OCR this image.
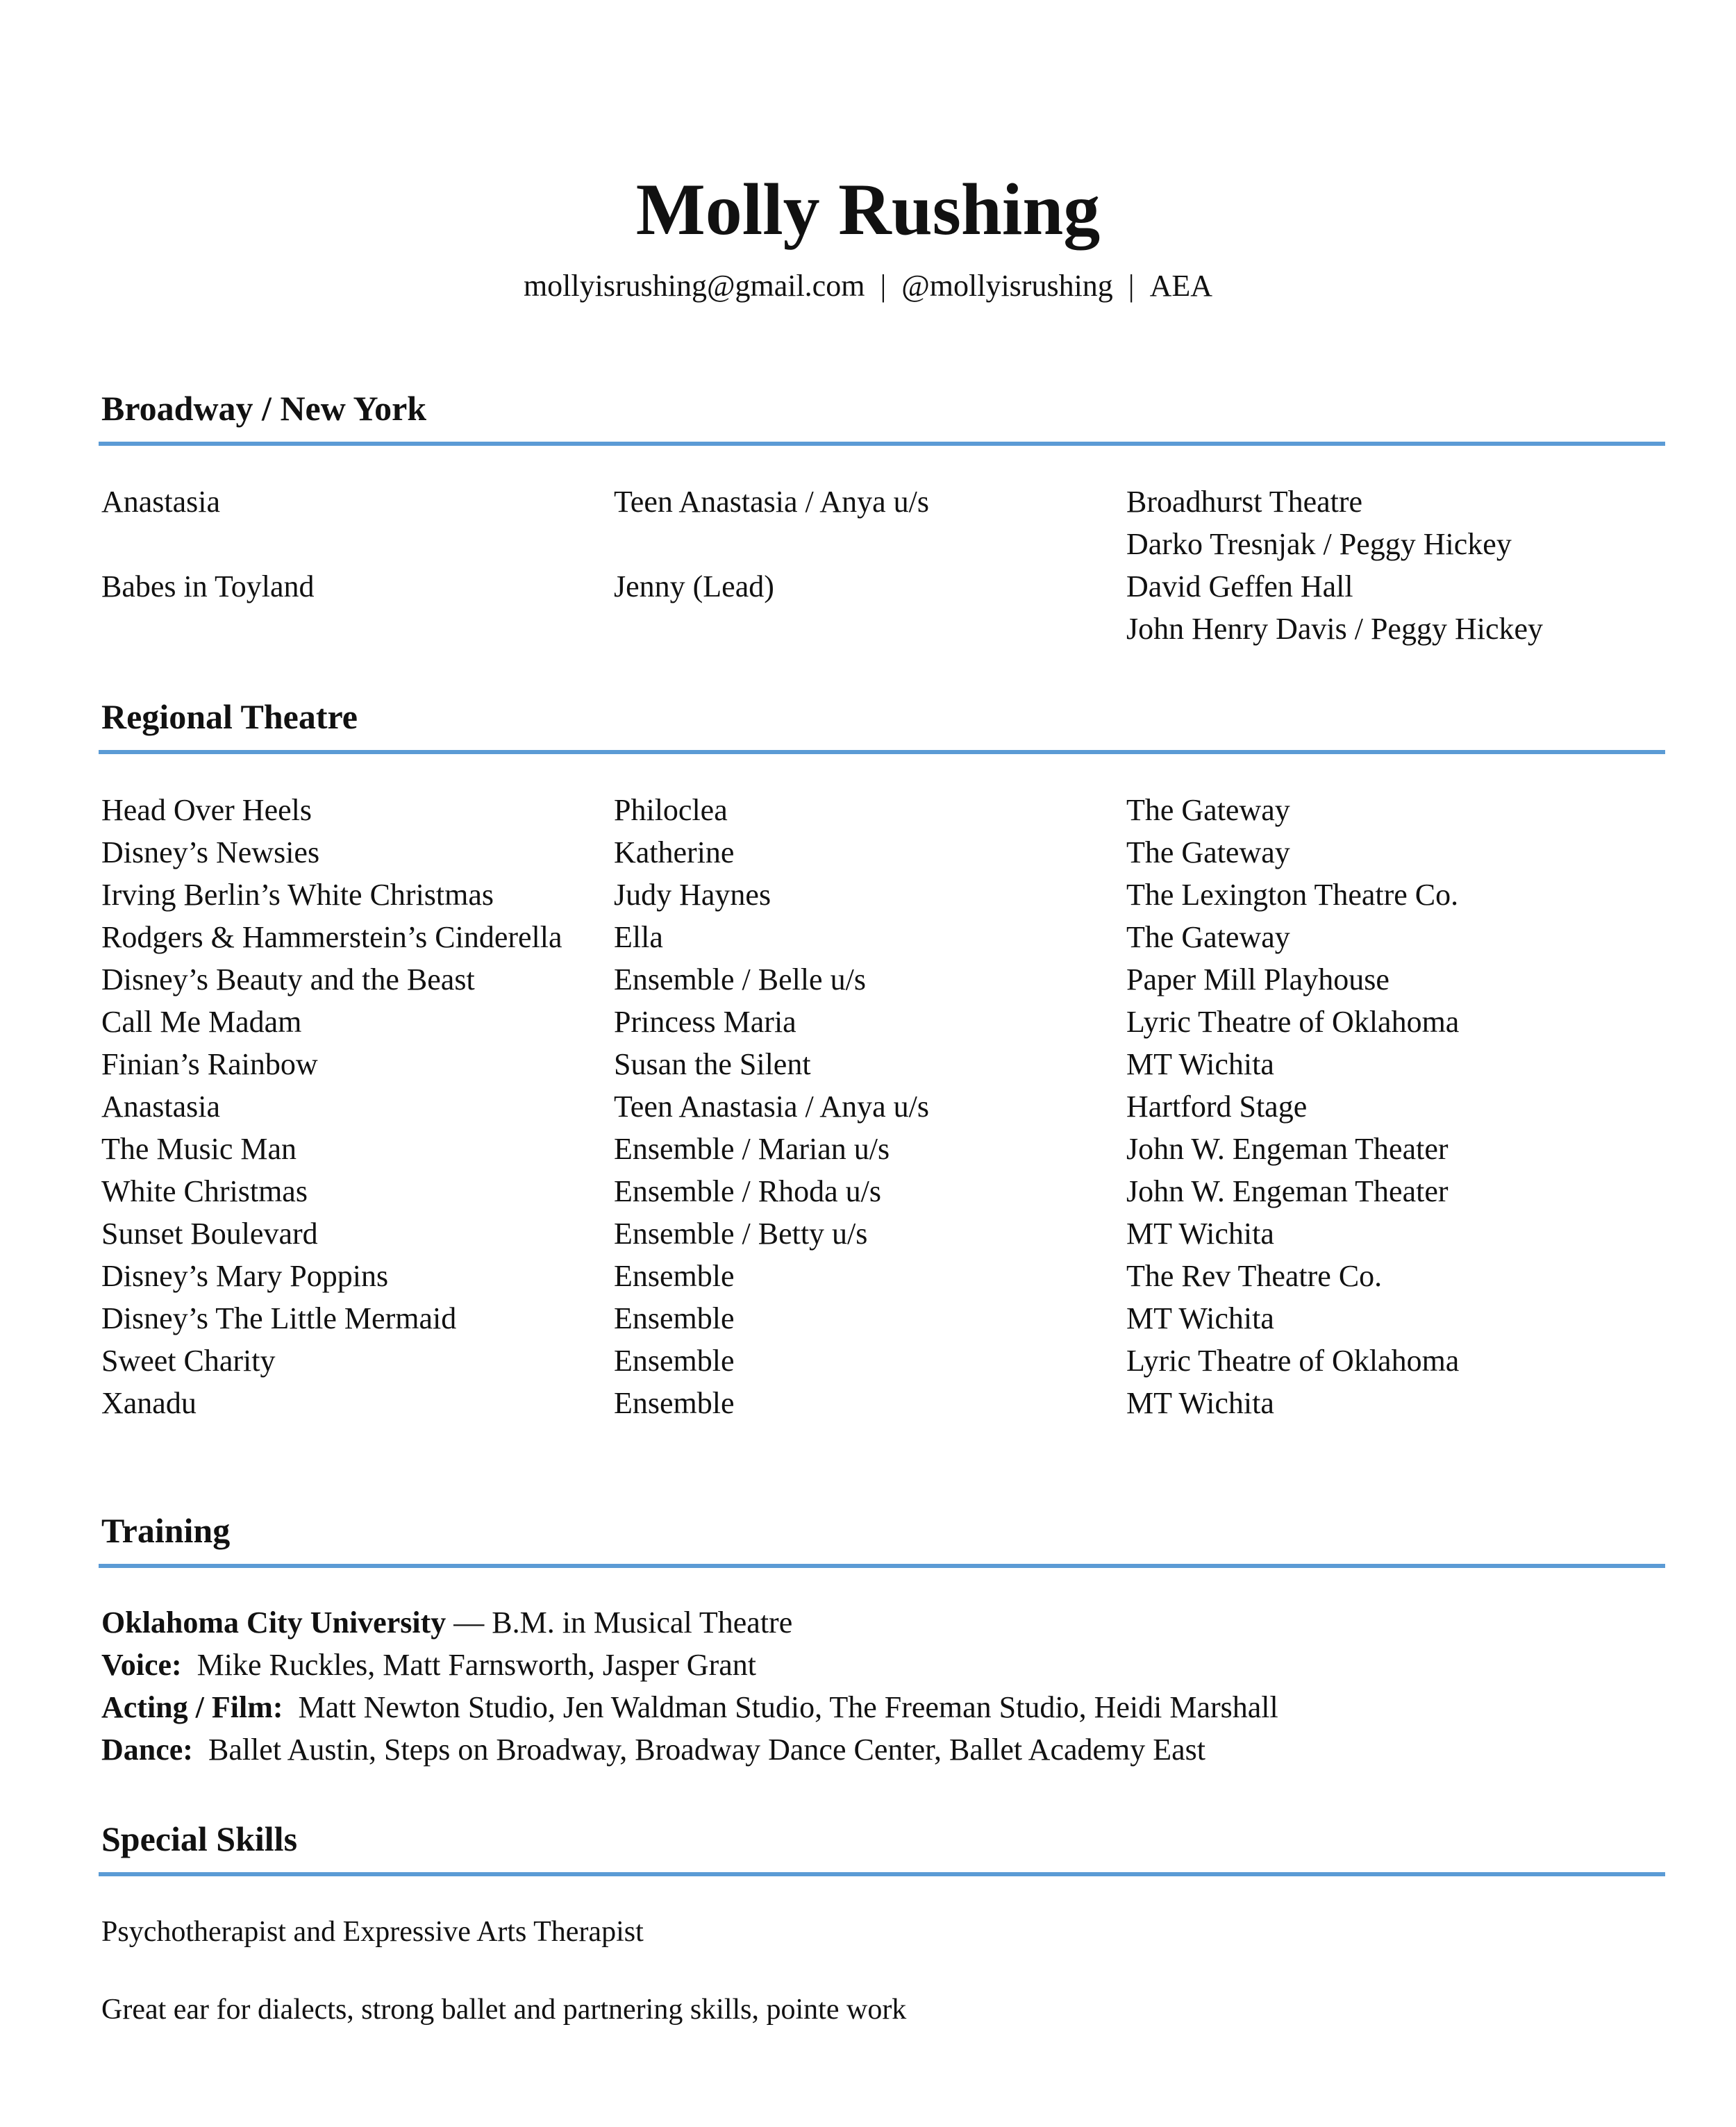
Molly Rushing
mollyisrushing@gmail.com | @mollyisrushing | AEA
Broadway / New York
Anastasia	Teen Anastasia / Anya u/s	Broadhurst Theatre
Darko Tresnjak / Peggy Hickey
Babes in Toyland	Jenny (Lead)	David Geffen Hall
John Henry Davis / Peggy Hickey
Regional Theatre
Head Over Heels	Philoclea	The Gateway
Disney’s Newsies	Katherine	The Gateway
Irving Berlin’s White Christmas	Judy Haynes	The Lexington Theatre Co.
Rodgers & Hammerstein’s Cinderella	Ella	The Gateway
Disney’s Beauty and the Beast	Ensemble / Belle u/s	Paper Mill Playhouse
Call Me Madam	Princess Maria	Lyric Theatre of Oklahoma
Finian’s Rainbow	Susan the Silent	MT Wichita
Anastasia	Teen Anastasia / Anya u/s	Hartford Stage
The Music Man	Ensemble / Marian u/s	John W. Engeman Theater
White Christmas	Ensemble / Rhoda u/s	John W. Engeman Theater
Sunset Boulevard	Ensemble / Betty u/s	MT Wichita
Disney’s Mary Poppins	Ensemble	The Rev Theatre Co.
Disney’s The Little Mermaid	Ensemble	MT Wichita
Sweet Charity	Ensemble	Lyric Theatre of Oklahoma
Xanadu	Ensemble	MT Wichita
Training
Oklahoma City University — B.M. in Musical Theatre
Voice: Mike Ruckles, Matt Farnsworth, Jasper Grant
Acting / Film: Matt Newton Studio, Jen Waldman Studio, The Freeman Studio, Heidi Marshall
Dance: Ballet Austin, Steps on Broadway, Broadway Dance Center, Ballet Academy East
Special Skills
Psychotherapist and Expressive Arts Therapist
Great ear for dialects, strong ballet and partnering skills, pointe work
